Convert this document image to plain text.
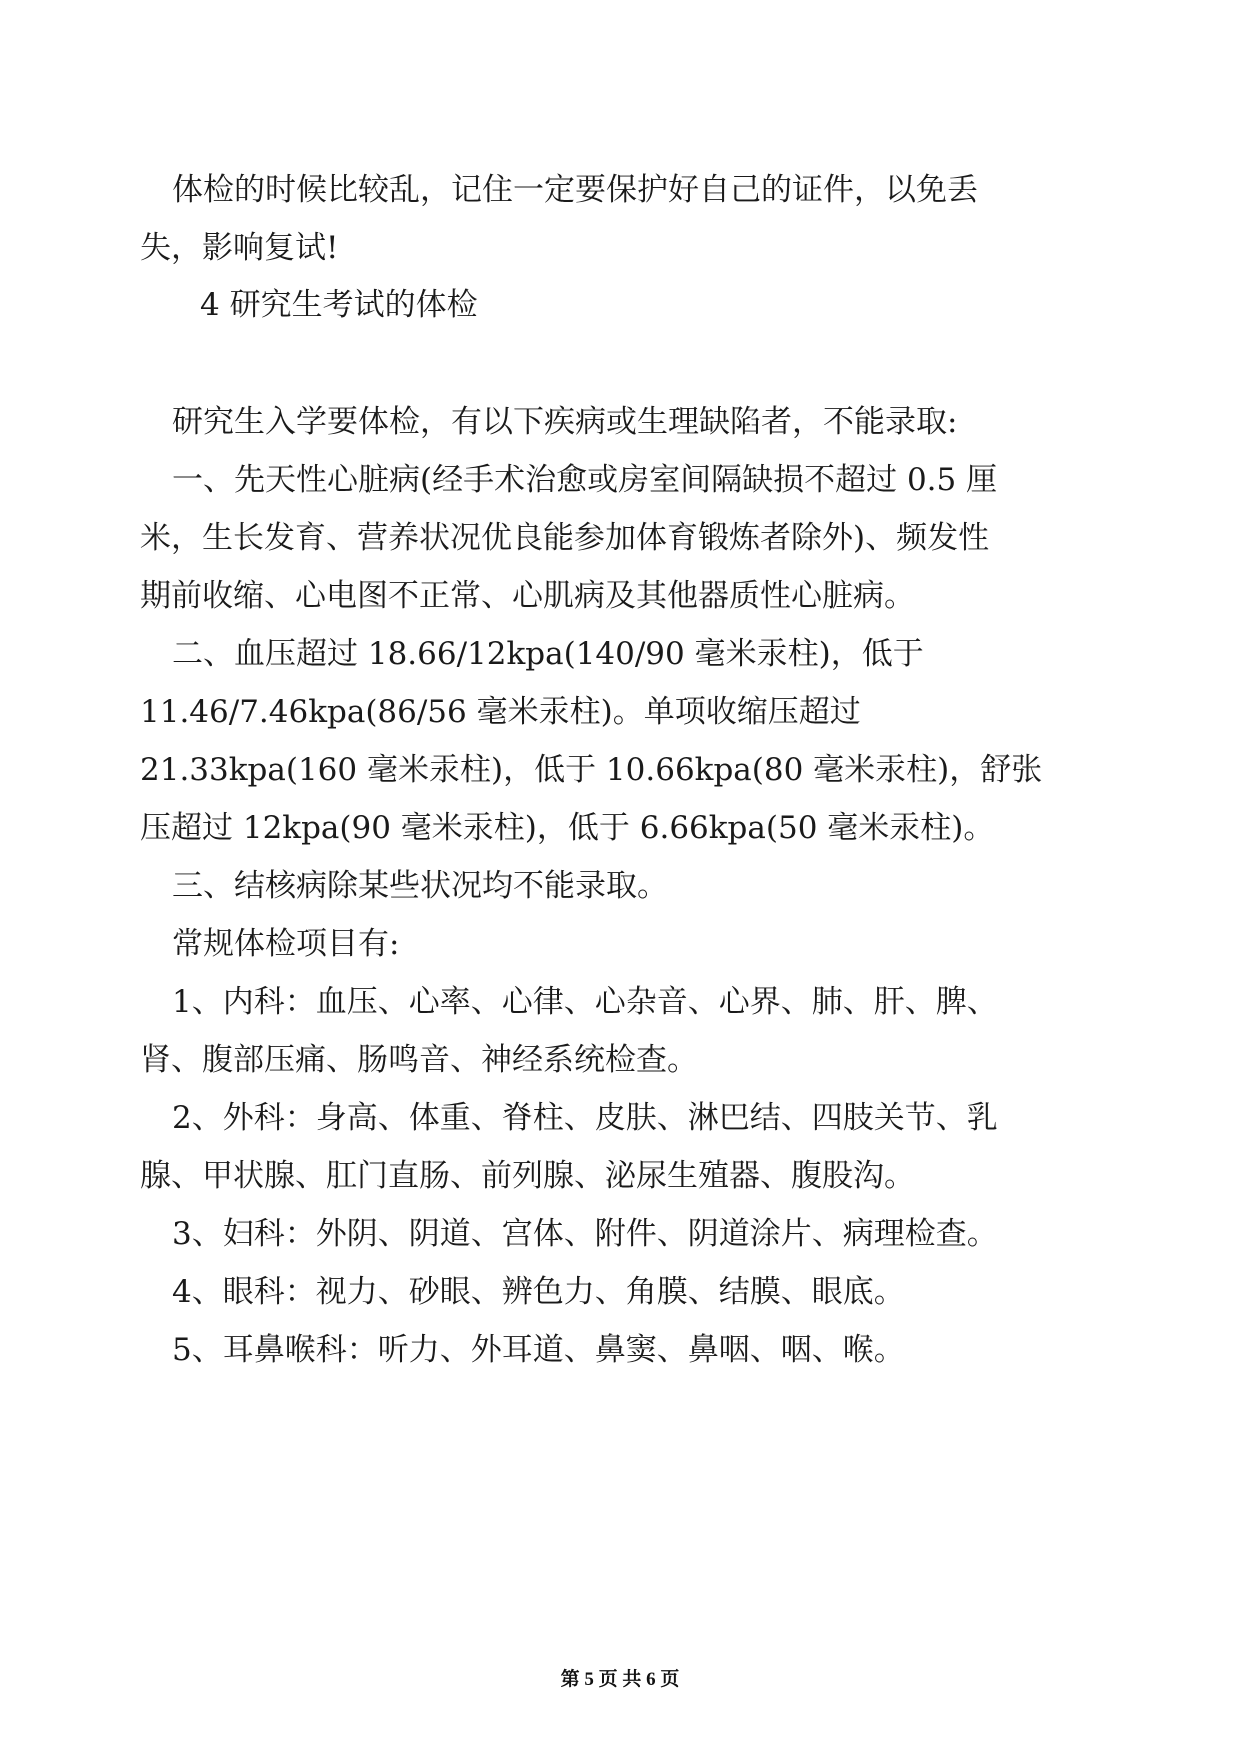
体检的时候比较乱，记住一定要保护好自己的证件，以免丢

失，影响复试!

4 研究生考试的体检

研究生入学要体检，有以下疾病或生理缺陷者，不能录取:

一、先天性心脏病(经手术治愈或房室间隔缺损不超过 0.5 厘

米，生长发育、营养状况优良能参加体育锻炼者除外)、频发性

期前收缩、心电图不正常、心肌病及其他器质性心脏病。

二、血压超过 18.66/12kpa(140/90 毫米汞柱)，低于

11.46/7.46kpa(86/56 毫米汞柱)。单项收缩压超过

21.33kpa(160 毫米汞柱)，低于 10.66kpa(80 毫米汞柱)，舒张

压超过 12kpa(90 毫米汞柱)，低于 6.66kpa(50 毫米汞柱)。

三、结核病除某些状况均不能录取。

常规体检项目有:

1、内科：血压、心率、心律、心杂音、心界、肺、肝、脾、

肾、腹部压痛、肠鸣音、神经系统检查。

2、外科：身高、体重、脊柱、皮肤、淋巴结、四肢关节、乳

腺、甲状腺、肛门直肠、前列腺、泌尿生殖器、腹股沟。

3、妇科：外阴、阴道、宫体、附件、阴道涂片、病理检查。

4、眼科：视力、砂眼、辨色力、角膜、结膜、眼底。

5、耳鼻喉科：听力、外耳道、鼻窦、鼻咽、咽、喉。

第 5 页 共 6 页
